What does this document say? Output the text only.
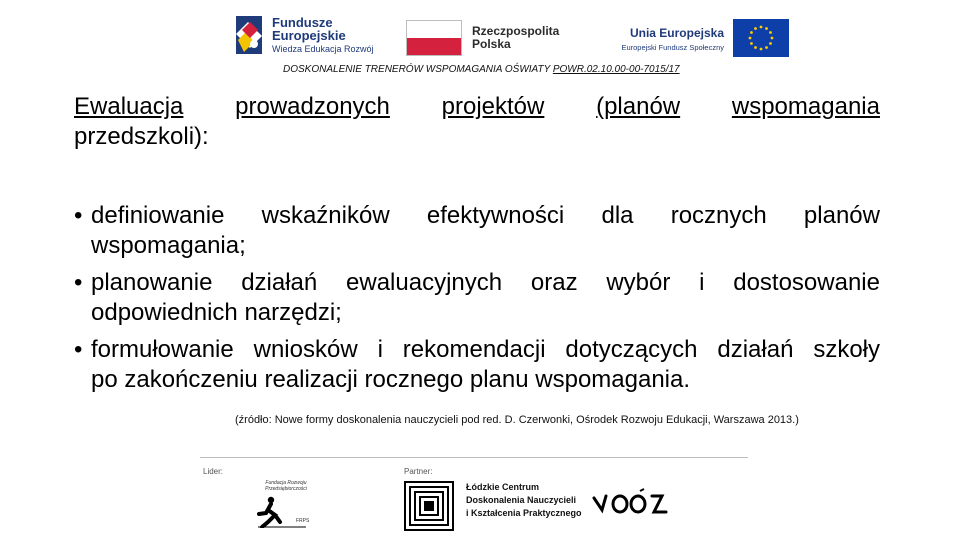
Fundusze
Europejskie
Wiedza Edukacja Rozwój
Rzeczpospolita
Polska
Unia Europejska
Europejski Fundusz Społeczny
DOSKONALENIE TRENERÓW WSPOMAGANIA OŚWIATY POWR.02.10.00-00-7015/17
Ewaluacja prowadzonych projektów (planów wspomagania
przedszkoli):
• definiowanie wskaźników efektywności dla rocznych planów
wspomagania;
• planowanie działań ewaluacyjnych oraz wybór i dostosowanie
odpowiednich narzędzi;
• formułowanie wniosków i rekomendacji dotyczących działań szkoły
po zakończeniu realizacji rocznego planu wspomagania.
(źródło: Nowe formy doskonalenia nauczycieli pod red. D. Czerwonki, Ośrodek Rozwoju Edukacji, Warszawa 2013.)
Lider:	Partner:
Fundacja Rozwoju
Przedsiębiorczości
FRPS
Łódzkie Centrum
Doskonalenia Nauczycieli
i Kształcenia Praktycznego
